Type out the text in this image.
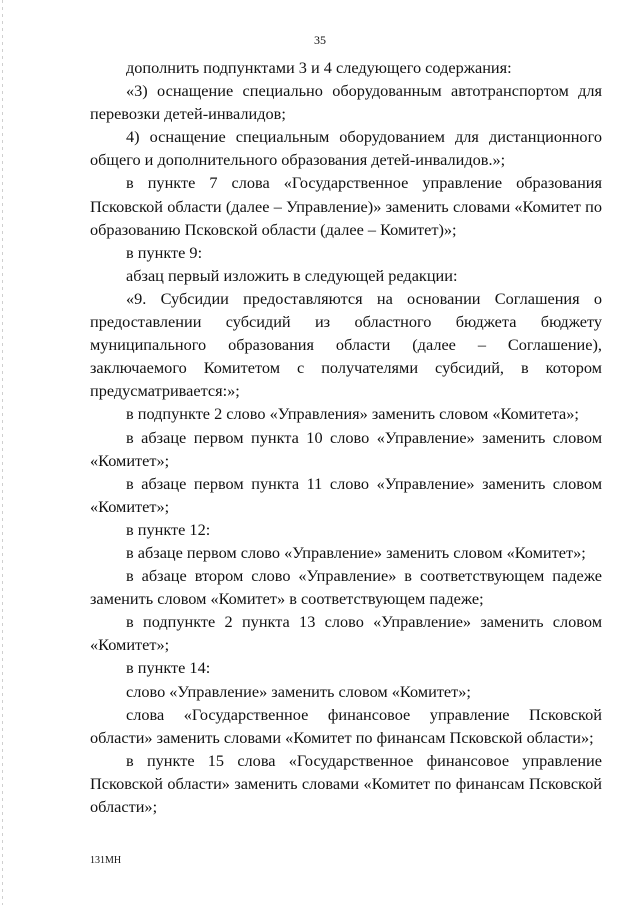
35

дополнить подпунктами 3 и 4 следующего содержания:

«3) оснащение специально оборудованным автотранспортом для перевозки детей-инвалидов;

4) оснащение специальным оборудованием для дистанционного общего и дополнительного образования детей-инвалидов.»;

в пункте 7 слова «Государственное управление образования Псковской области (далее – Управление)» заменить словами «Комитет по образованию Псковской области (далее – Комитет)»;

в пункте 9:

абзац первый изложить в следующей редакции:

«9. Субсидии предоставляются на основании Соглашения о предоставлении субсидий из областного бюджета бюджету муниципального образования области (далее – Соглашение), заключаемого Комитетом с получателями субсидий, в котором предусматривается:»;

в подпункте 2 слово «Управления» заменить словом «Комитета»;

в абзаце первом пункта 10 слово «Управление» заменить словом «Комитет»;

в абзаце первом пункта 11 слово «Управление» заменить словом «Комитет»;

в пункте 12:

в абзаце первом слово «Управление» заменить словом «Комитет»;

в абзаце втором слово «Управление» в соответствующем падеже заменить словом «Комитет» в соответствующем падеже;

в подпункте 2 пункта 13 слово «Управление» заменить словом «Комитет»;

в пункте 14:

слово «Управление» заменить словом «Комитет»;

слова «Государственное финансовое управление Псковской области» заменить словами «Комитет по финансам Псковской области»;

в пункте 15 слова «Государственное финансовое управление Псковской области» заменить словами «Комитет по финансам Псковской области»;

131МН
